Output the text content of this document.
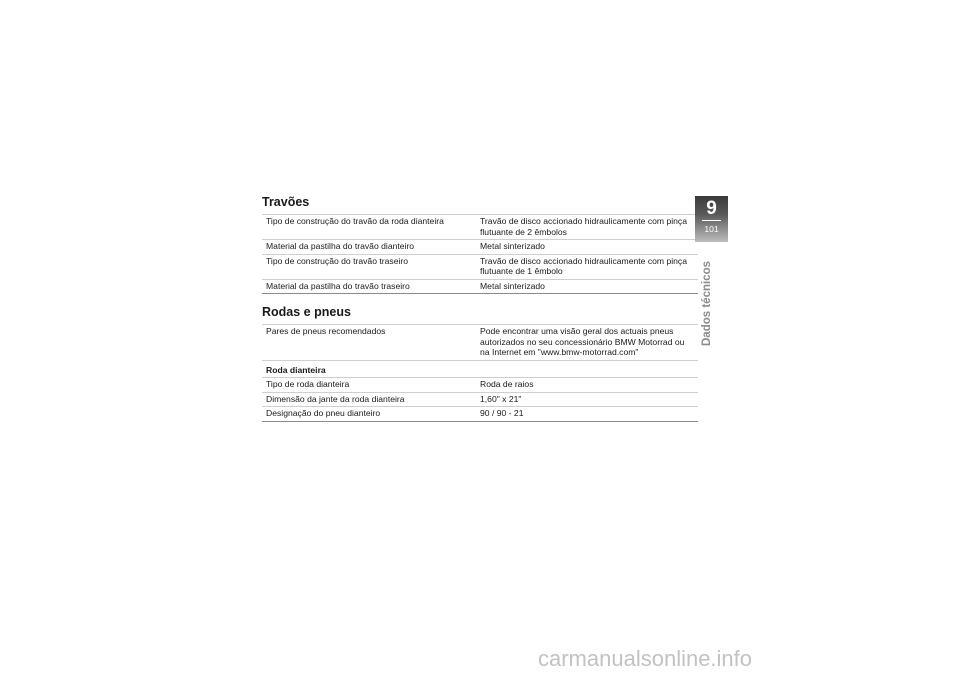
Travões
Tipo de construção do travão da roda dianteira	Travão de disco accionado hidraulicamente com pinça flutuante de 2 êmbolos
Material da pastilha do travão dianteiro	Metal sinterizado
Tipo de construção do travão traseiro	Travão de disco accionado hidraulicamente com pinça flutuante de 1 êmbolo
Material da pastilha do travão traseiro	Metal sinterizado
Rodas e pneus
Pares de pneus recomendados	Pode encontrar uma visão geral dos actuais pneus autorizados no seu concessionário BMW Motorrad ou na Internet em "www.bmw-motorrad.com"
Roda dianteira	
Tipo de roda dianteira	Roda de raios
Dimensão da jante da roda dianteira	1,60" x 21"
Designação do pneu dianteiro	90 / 90 - 21
9
101
Dados técnicos
carmanualsonline.info
